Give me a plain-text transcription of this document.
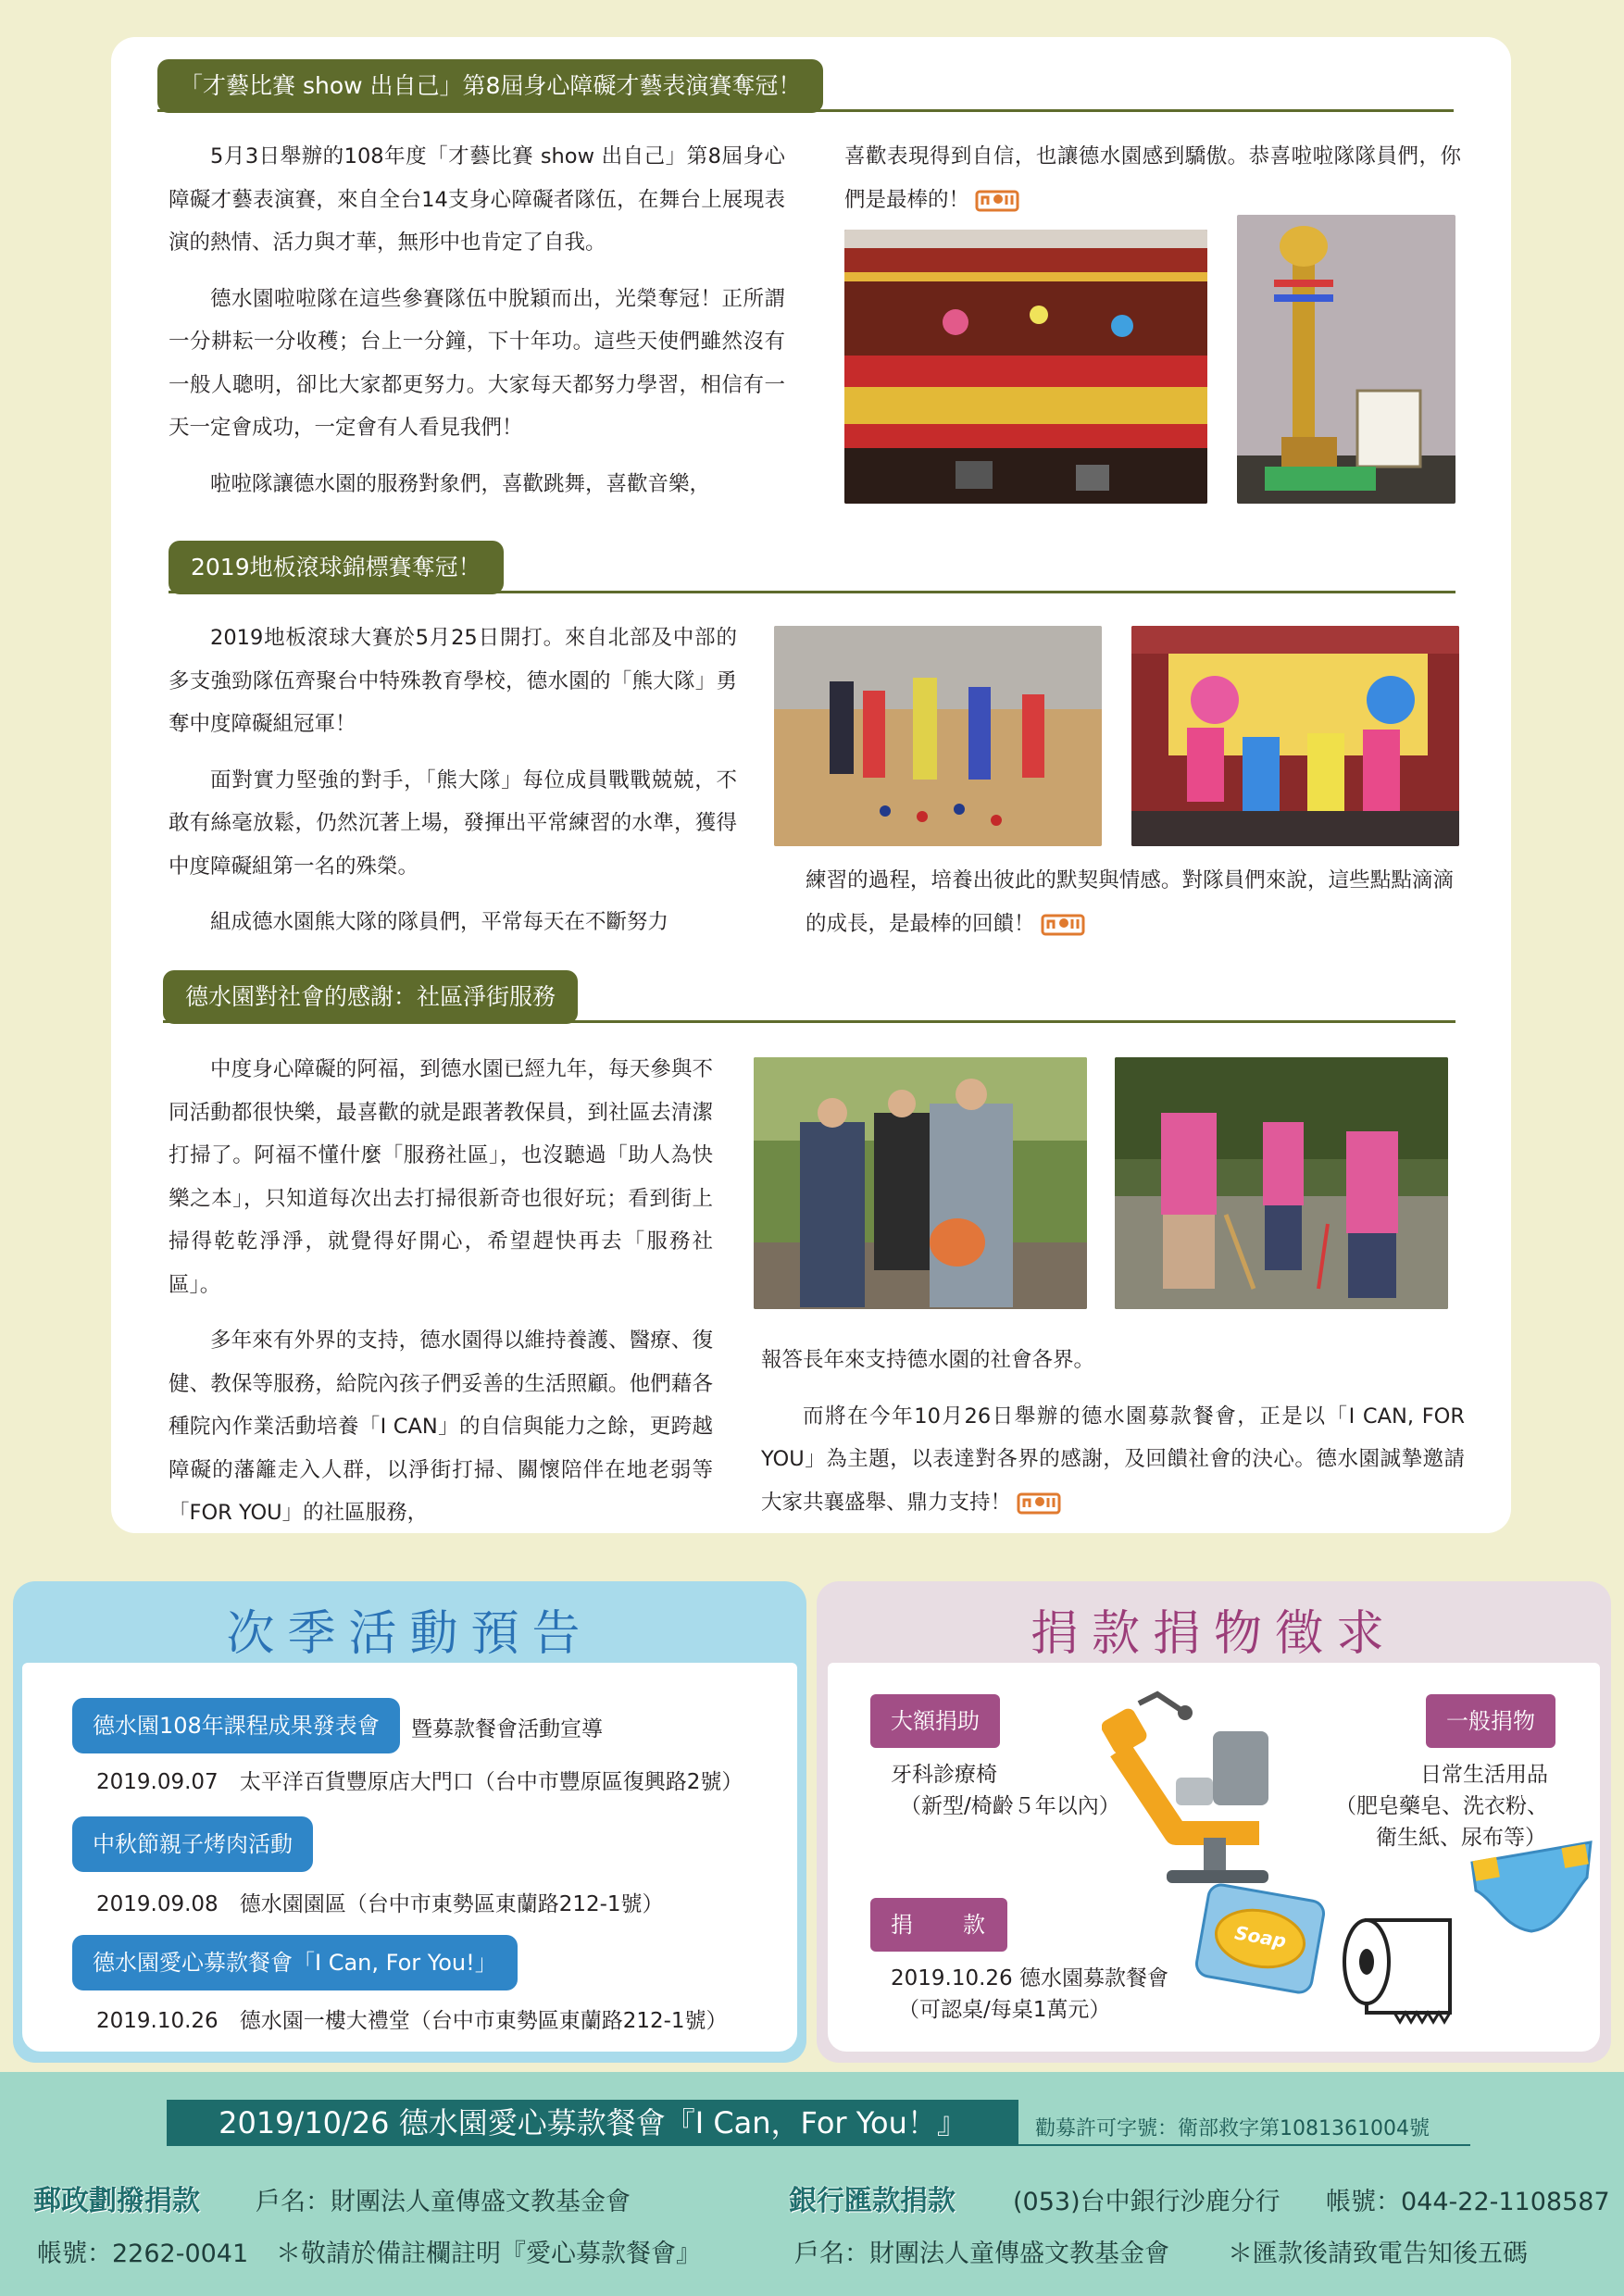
「才藝比賽 show 出自己」第8屆身心障礙才藝表演賽奪冠！

5月3日舉辦的108年度「才藝比賽 show 出自己」第8屆身心障礙才藝表演賽，來自全台14支身心障礙者隊伍，在舞台上展現表演的熱情、活力與才華，無形中也肯定了自我。

德水園啦啦隊在這些參賽隊伍中脫穎而出，光榮奪冠！正所謂一分耕耘一分收穫；台上一分鐘，下十年功。這些天使們雖然沒有一般人聰明，卻比大家都更努力。大家每天都努力學習，相信有一天一定會成功，一定會有人看見我們！

啦啦隊讓德水園的服務對象們，喜歡跳舞，喜歡音樂，

喜歡表現得到自信，也讓德水園感到驕傲。恭喜啦啦隊隊員們，你們是最棒的！

2019地板滾球錦標賽奪冠！

2019地板滾球大賽於5月25日開打。來自北部及中部的多支強勁隊伍齊聚台中特殊教育學校，德水園的「熊大隊」勇奪中度障礙組冠軍！

面對實力堅強的對手，「熊大隊」每位成員戰戰兢兢，不敢有絲毫放鬆，仍然沉著上場，發揮出平常練習的水準，獲得中度障礙組第一名的殊榮。

組成德水園熊大隊的隊員們，平常每天在不斷努力

練習的過程，培養出彼此的默契與情感。對隊員們來說，這些點點滴滴的成長，是最棒的回饋！

德水園對社會的感謝：社區淨街服務

中度身心障礙的阿福，到德水園已經九年，每天參與不同活動都很快樂，最喜歡的就是跟著教保員，到社區去清潔打掃了。阿福不懂什麼「服務社區」，也沒聽過「助人為快樂之本」，只知道每次出去打掃很新奇也很好玩；看到街上掃得乾乾淨淨，就覺得好開心，希望趕快再去「服務社區」。

多年來有外界的支持，德水園得以維持養護、醫療、復健、教保等服務，給院內孩子們妥善的生活照顧。他們藉各種院內作業活動培養「I CAN」的自信與能力之餘，更跨越障礙的藩籬走入人群，以淨街打掃、關懷陪伴在地老弱等「FOR YOU」的社區服務，

報答長年來支持德水園的社會各界。

而將在今年10月26日舉辦的德水園募款餐會，正是以「I CAN, FOR YOU」為主題，以表達對各界的感謝，及回饋社會的決心。德水園誠摯邀請大家共襄盛舉、鼎力支持！

次季活動預告
德水園108年課程成果發表會	暨募款餐會活動宣導
2019.09.07　太平洋百貨豐原店大門口（台中市豐原區復興路2號）
中秋節親子烤肉活動
2019.09.08　德水園園區（台中市東勢區東蘭路212-1號）
德水園愛心募款餐會「I Can, For You!」
2019.10.26　德水園一樓大禮堂（台中市東勢區東蘭路212-1號）
捐款捐物徵求
大額捐助
牙科診療椅
（新型/椅齡５年以內）
一般捐物
日常生活用品
（肥皂藥皂、洗衣粉、
衛生紙、尿布等）
捐　　款
2019.10.26 德水園募款餐會
（可認桌/每桌1萬元）
Soap
2019/10/26 德水園愛心募款餐會『I Can，For You！』	勸募許可字號：衛部救字第1081361004號
郵政劃撥捐款 戶名：財團法人童傳盛文教基金會	銀行匯款捐款 (053)台中銀行沙鹿分行 帳號：044-22-1108587
帳號：2262-0041 ＊敬請於備註欄註明『愛心募款餐會』	戶名：財團法人童傳盛文教基金會 ＊匯款後請致電告知後五碼
